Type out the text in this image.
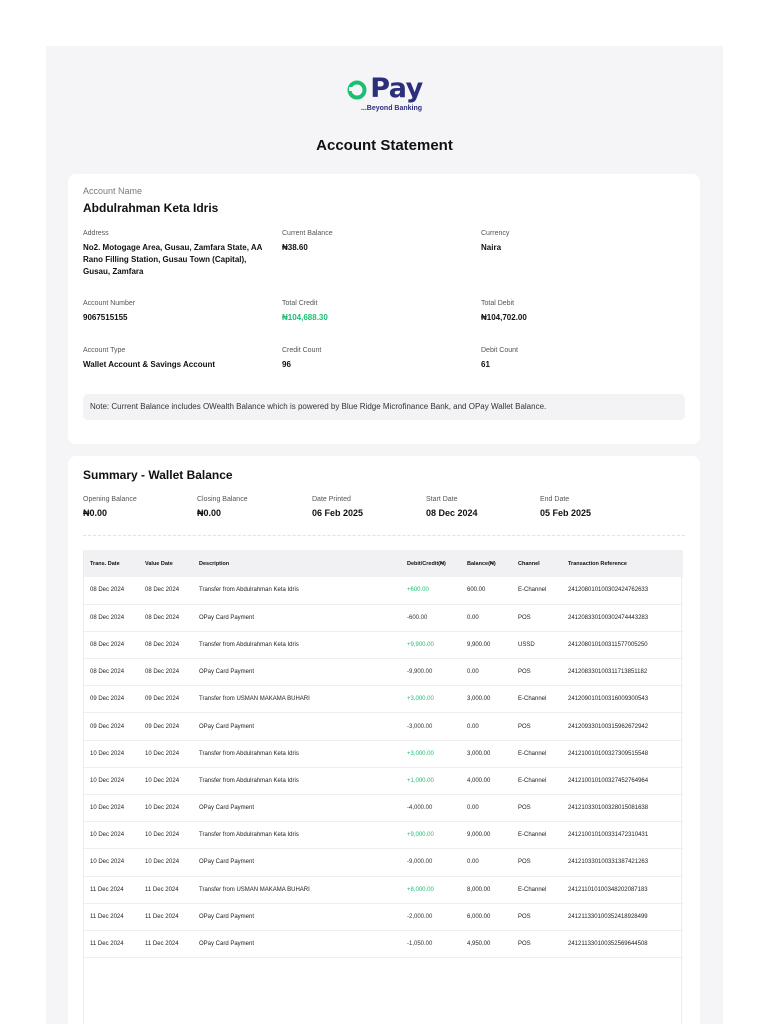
Pay
...Beyond Banking
Account Statement
Account Name
Abdulrahman Keta Idris
Address
No2. Motogage Area, Gusau, Zamfara State, AA Rano Filling Station, Gusau Town (Capital), Gusau, Zamfara
Current Balance
₦38.60
Currency
Naira
Account Number
9067515155
Total Credit
₦104,688.30
Total Debit
₦104,702.00
Account Type
Wallet Account & Savings Account
Credit Count
96
Debit Count
61
Note: Current Balance includes OWealth Balance which is powered by Blue Ridge Microfinance Bank, and OPay Wallet Balance.
Summary - Wallet Balance
Opening Balance
₦0.00
Closing Balance
₦0.00
Date Printed
06 Feb 2025
Start Date
08 Dec 2024
End Date
05 Feb 2025
Trans. Date	Value Date	Description	Debit/Credit(₦)	Balance(₦)	Channel	Transaction Reference
08 Dec 2024	08 Dec 2024	Transfer from Abdulrahman Keta Idris	+600.00	600.00	E-Channel	241208010100302424762633
08 Dec 2024	08 Dec 2024	OPay Card Payment	-600.00	0.00	POS	241208330100302474443283
08 Dec 2024	08 Dec 2024	Transfer from Abdulrahman Keta Idris	+9,900.00	9,900.00	USSD	241208010100311577005250
08 Dec 2024	08 Dec 2024	OPay Card Payment	-9,900.00	0.00	POS	241208330100311713851182
09 Dec 2024	09 Dec 2024	Transfer from USMAN MAKAMA BUHARI	+3,000.00	3,000.00	E-Channel	241209010100316009300543
09 Dec 2024	09 Dec 2024	OPay Card Payment	-3,000.00	0.00	POS	241209330100315962672942
10 Dec 2024	10 Dec 2024	Transfer from Abdulrahman Keta Idris	+3,000.00	3,000.00	E-Channel	241210010100327309515548
10 Dec 2024	10 Dec 2024	Transfer from Abdulrahman Keta Idris	+1,000.00	4,000.00	E-Channel	241210010100327452764964
10 Dec 2024	10 Dec 2024	OPay Card Payment	-4,000.00	0.00	POS	241210330100328015081638
10 Dec 2024	10 Dec 2024	Transfer from Abdulrahman Keta Idris	+9,000.00	9,000.00	E-Channel	241210010100331472310431
10 Dec 2024	10 Dec 2024	OPay Card Payment	-9,000.00	0.00	POS	241210330100331387421263
11 Dec 2024	11 Dec 2024	Transfer from USMAN MAKAMA BUHARI	+8,000.00	8,000.00	E-Channel	241211010100348202087183
11 Dec 2024	11 Dec 2024	OPay Card Payment	-2,000.00	6,000.00	POS	241211330100352418928499
11 Dec 2024	11 Dec 2024	OPay Card Payment	-1,050.00	4,950.00	POS	241211330100352569644508
